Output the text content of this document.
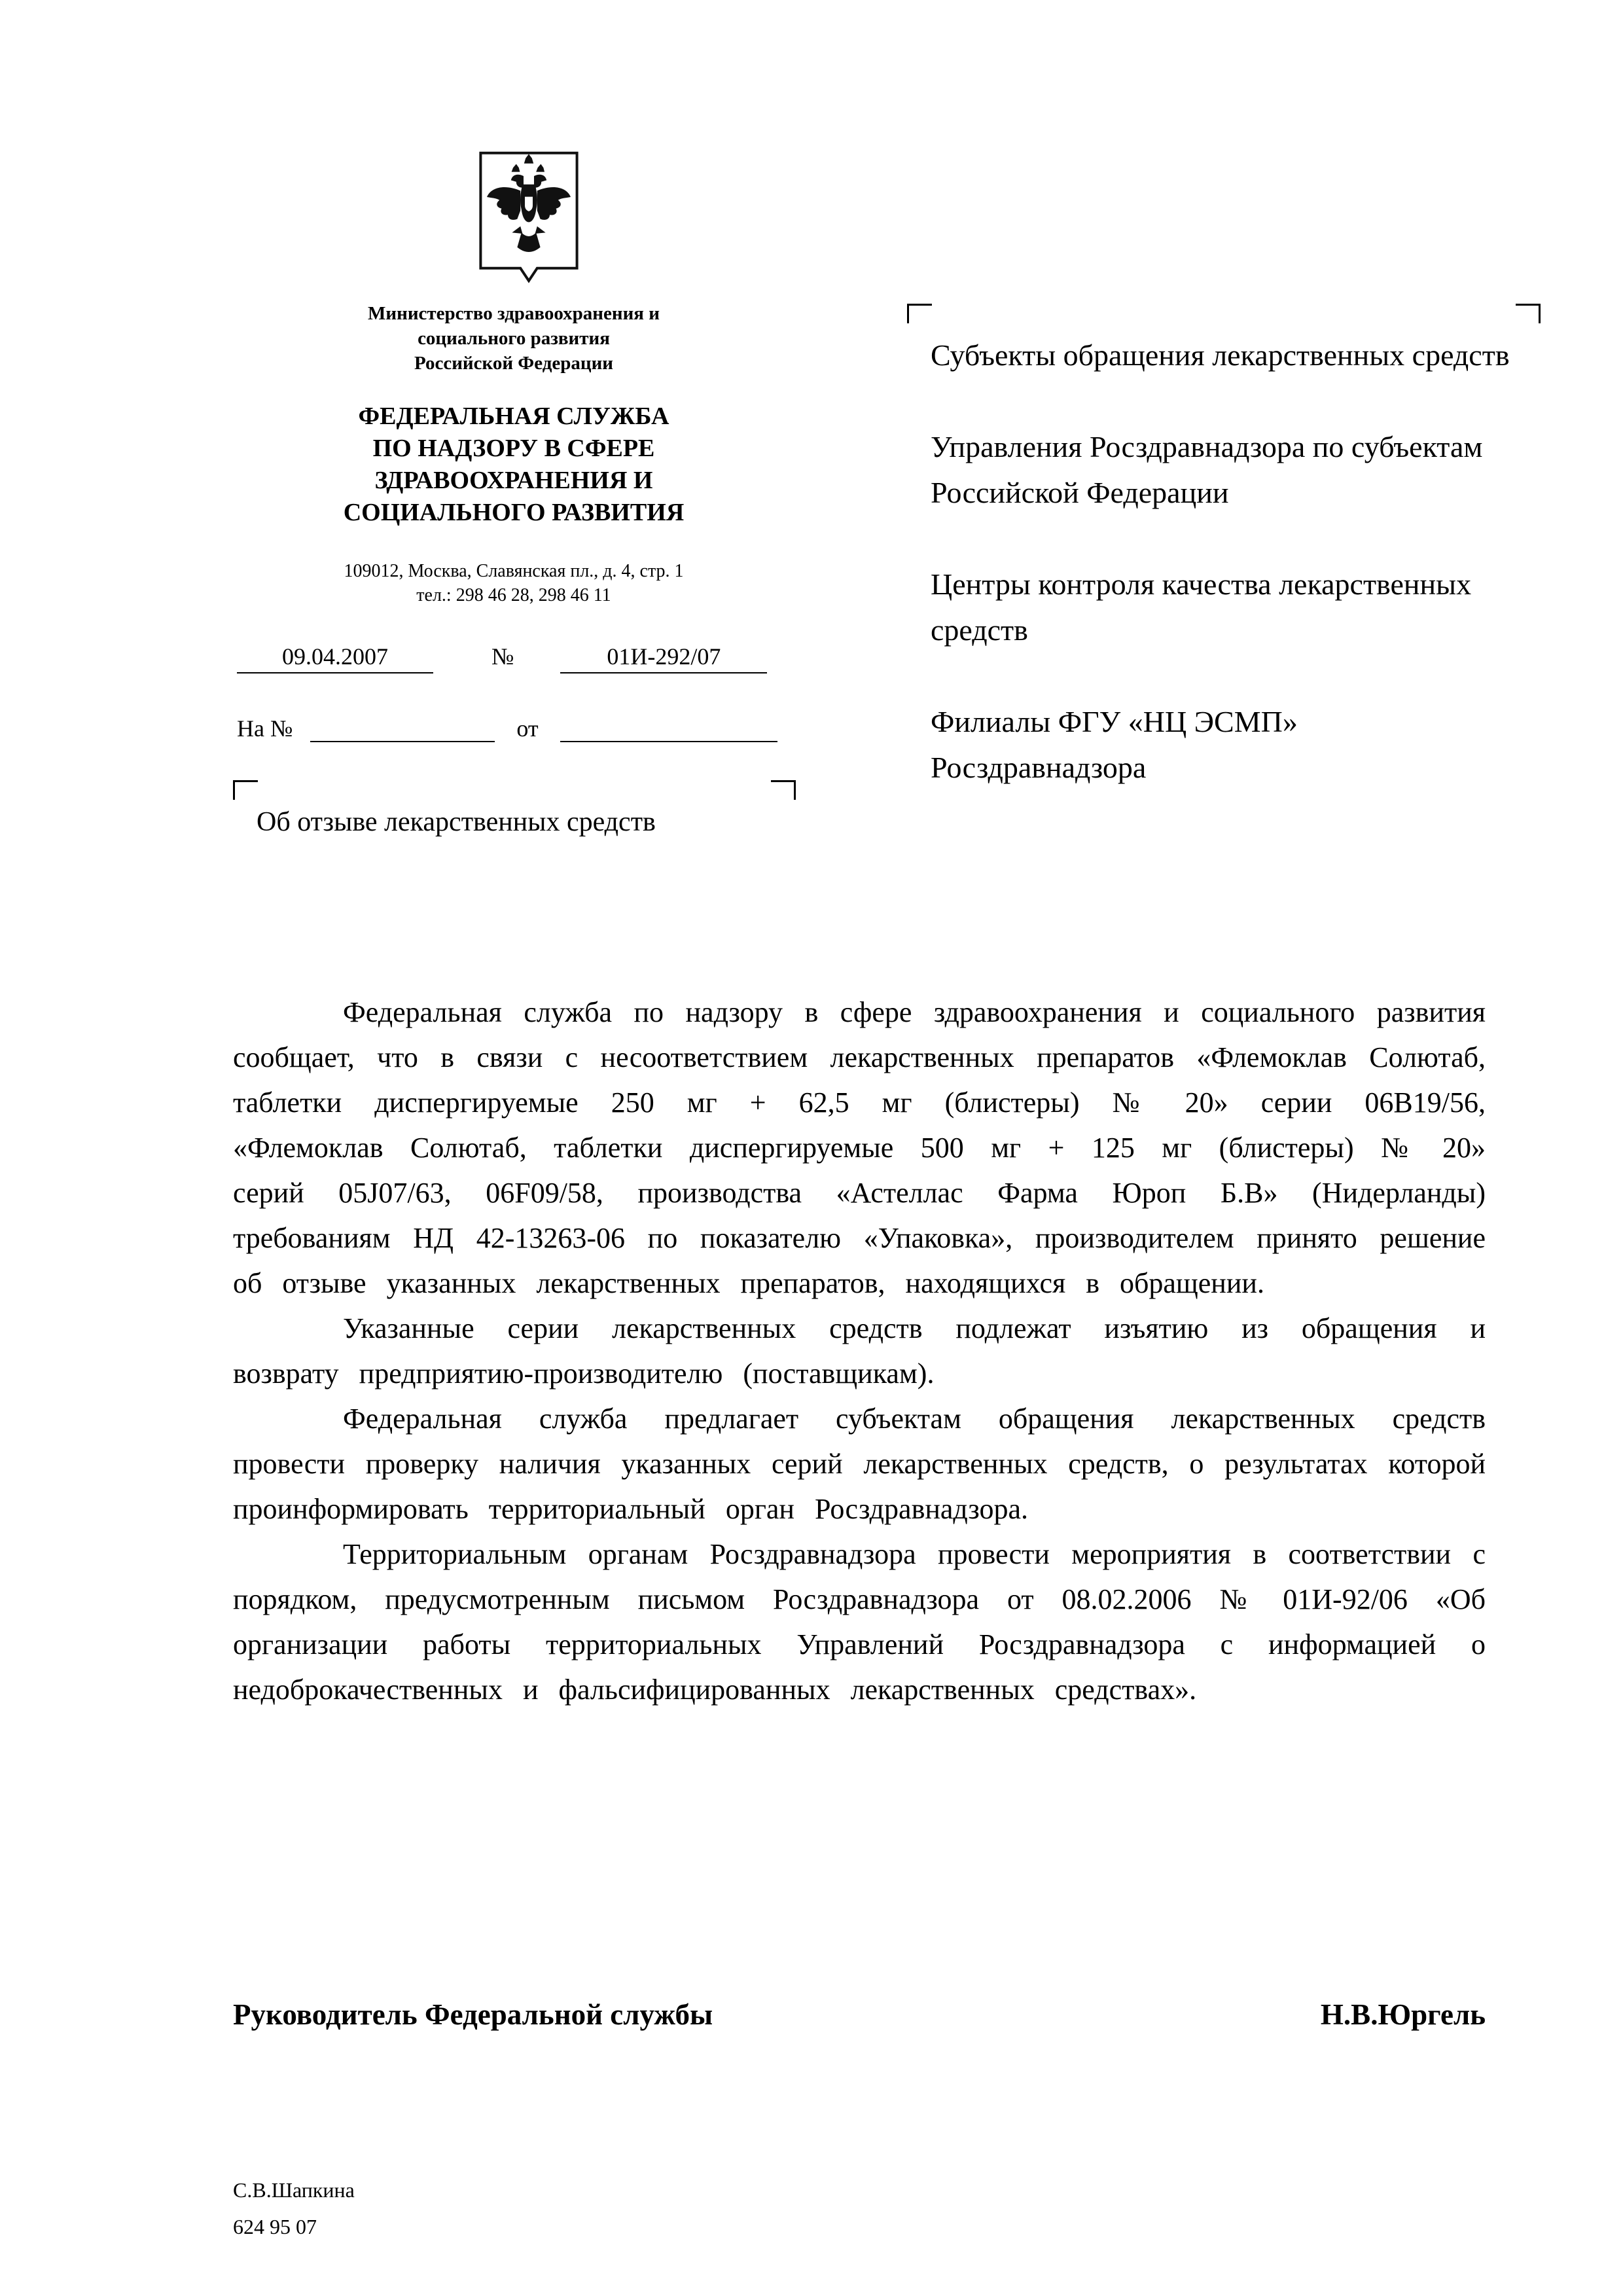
Министерство здравоохранения и
социального развития
Российской Федерации
ФЕДЕРАЛЬНАЯ СЛУЖБА
ПО НАДЗОРУ В СФЕРЕ
ЗДРАВООХРАНЕНИЯ И
СОЦИАЛЬНОГО РАЗВИТИЯ
109012, Москва, Славянская пл., д. 4, стр. 1
тел.: 298 46 28, 298 46 11
09.04.2007	№	01И-292/07
На №	от
Об отзыве лекарственных средств

Субъекты обращения лекарственных средств

Управления Росздравнадзора по субъектам Российской Федерации

Центры контроля качества лекарственных средств

Филиалы ФГУ «НЦ ЭСМП» Росздравнадзора

Федеральная служба по надзору в сфере здравоохранения и социального развития сообщает, что в связи с несоответствием лекарственных препаратов «Флемоклав Солютаб, таблетки диспергируемые 250 мг + 62,5 мг (блистеры) № 20» серии 06В19/56, «Флемоклав Солютаб, таблетки диспергируемые 500 мг + 125 мг (блистеры) № 20» серий 05J07/63, 06F09/58, производства «Астеллас Фарма Юроп Б.В» (Нидерланды) требованиям НД 42-13263-06 по показателю «Упаковка», производителем принято решение об отзыве указанных лекарственных препаратов, находящихся в обращении.

Указанные серии лекарственных средств подлежат изъятию из обращения и возврату предприятию-производителю (поставщикам).

Федеральная служба предлагает субъектам обращения лекарственных средств провести проверку наличия указанных серий лекарственных средств, о результатах которой проинформировать территориальный орган Росздравнадзора.

Территориальным органам Росздравнадзора провести мероприятия в соответствии с порядком, предусмотренным письмом Росздравнадзора от 08.02.2006 № 01И-92/06 «Об организации работы территориальных Управлений Росздравнадзора с информацией о недоброкачественных и фальсифицированных лекарственных средствах».

Руководитель Федеральной службы	Н.В.Юргель
С.В.Шапкина
624 95 07
